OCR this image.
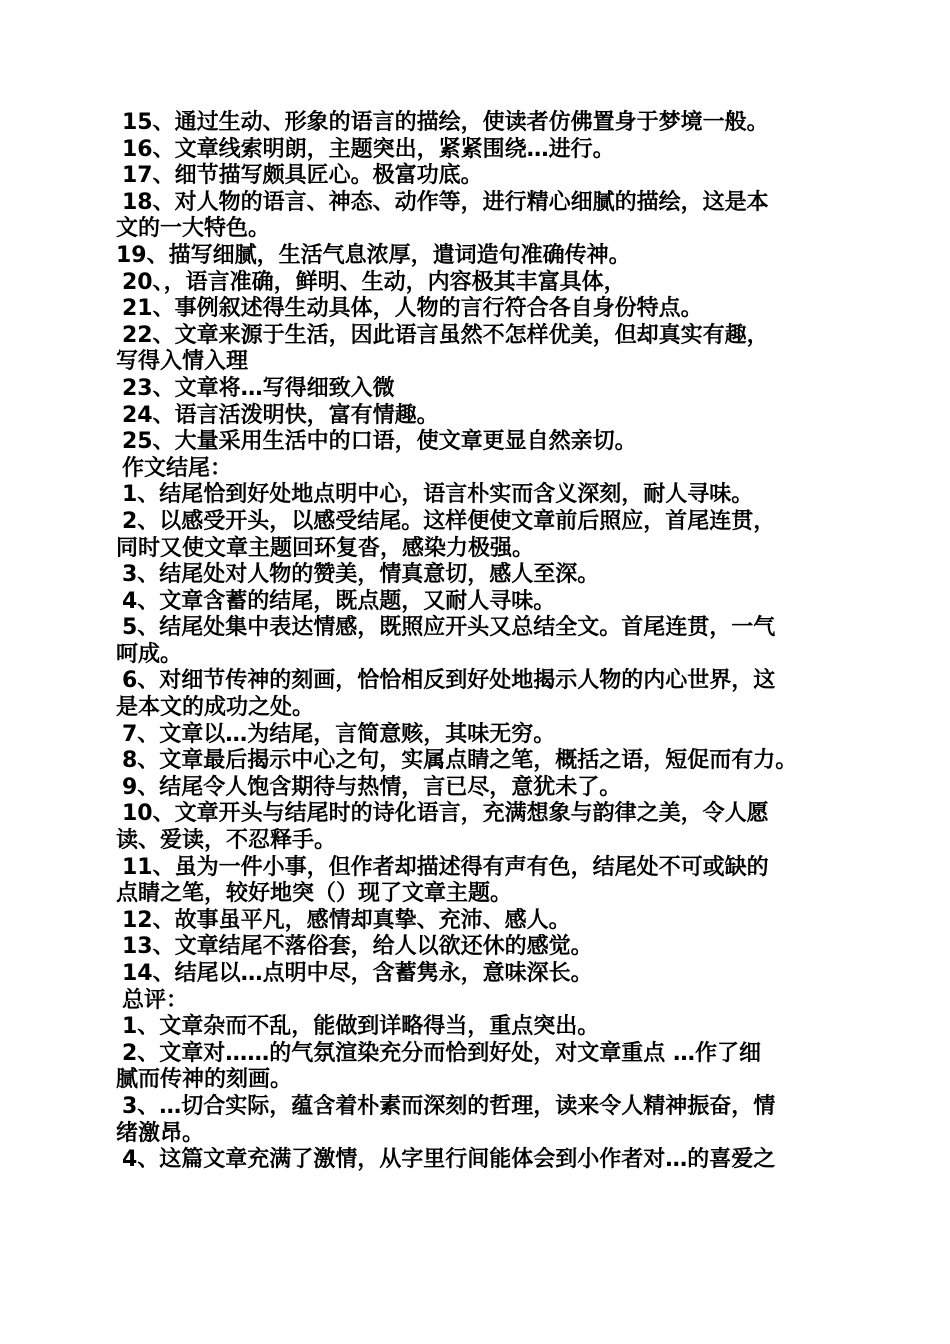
15、通过生动、形象的语言的描绘，使读者仿佛置身于梦境一般。
16、文章线索明朗，主题突出，紧紧围绕…进行。
17、细节描写颇具匠心。极富功底。
18、对人物的语言、神态、动作等，进行精心细腻的描绘，这是本
文的一大特色。
19、描写细腻，生活气息浓厚，遣词造句准确传神。
20、，语言准确，鲜明、生动，内容极其丰富具体，
21、事例叙述得生动具体，人物的言行符合各自身份特点。
22、文章来源于生活，因此语言虽然不怎样优美，但却真实有趣，
写得入情入理
23、文章将…写得细致入微
24、语言活泼明快，富有情趣。
25、大量采用生活中的口语，使文章更显自然亲切。
作文结尾：
1、结尾恰到好处地点明中心，语言朴实而含义深刻，耐人寻味。
2、以感受开头，以感受结尾。这样便使文章前后照应，首尾连贯，
同时又使文章主题回环复沓，感染力极强。
3、结尾处对人物的赞美，情真意切，感人至深。
4、文章含蓄的结尾，既点题，又耐人寻味。
5、结尾处集中表达情感，既照应开头又总结全文。首尾连贯，一气
呵成。
6、对细节传神的刻画，恰恰相反到好处地揭示人物的内心世界，这
是本文的成功之处。
7、文章以…为结尾，言简意赅，其味无穷。
8、文章最后揭示中心之句，实属点睛之笔，概括之语，短促而有力。
9、结尾令人饱含期待与热情，言已尽，意犹未了。
10、文章开头与结尾时的诗化语言，充满想象与韵律之美，令人愿
读、爱读，不忍释手。
11、虽为一件小事，但作者却描述得有声有色，结尾处不可或缺的
点睛之笔，较好地突（）现了文章主题。
12、故事虽平凡，感情却真挚、充沛、感人。
13、文章结尾不落俗套，给人以欲还休的感觉。
14、结尾以…点明中尽，含蓄隽永，意味深长。
总评：
1、文章杂而不乱，能做到详略得当，重点突出。
2、文章对……的气氛渲染充分而恰到好处，对文章重点 …作了细
腻而传神的刻画。
3、…切合实际，蕴含着朴素而深刻的哲理，读来令人精神振奋，情
绪激昂。
4、这篇文章充满了激情，从字里行间能体会到小作者对…的喜爱之
